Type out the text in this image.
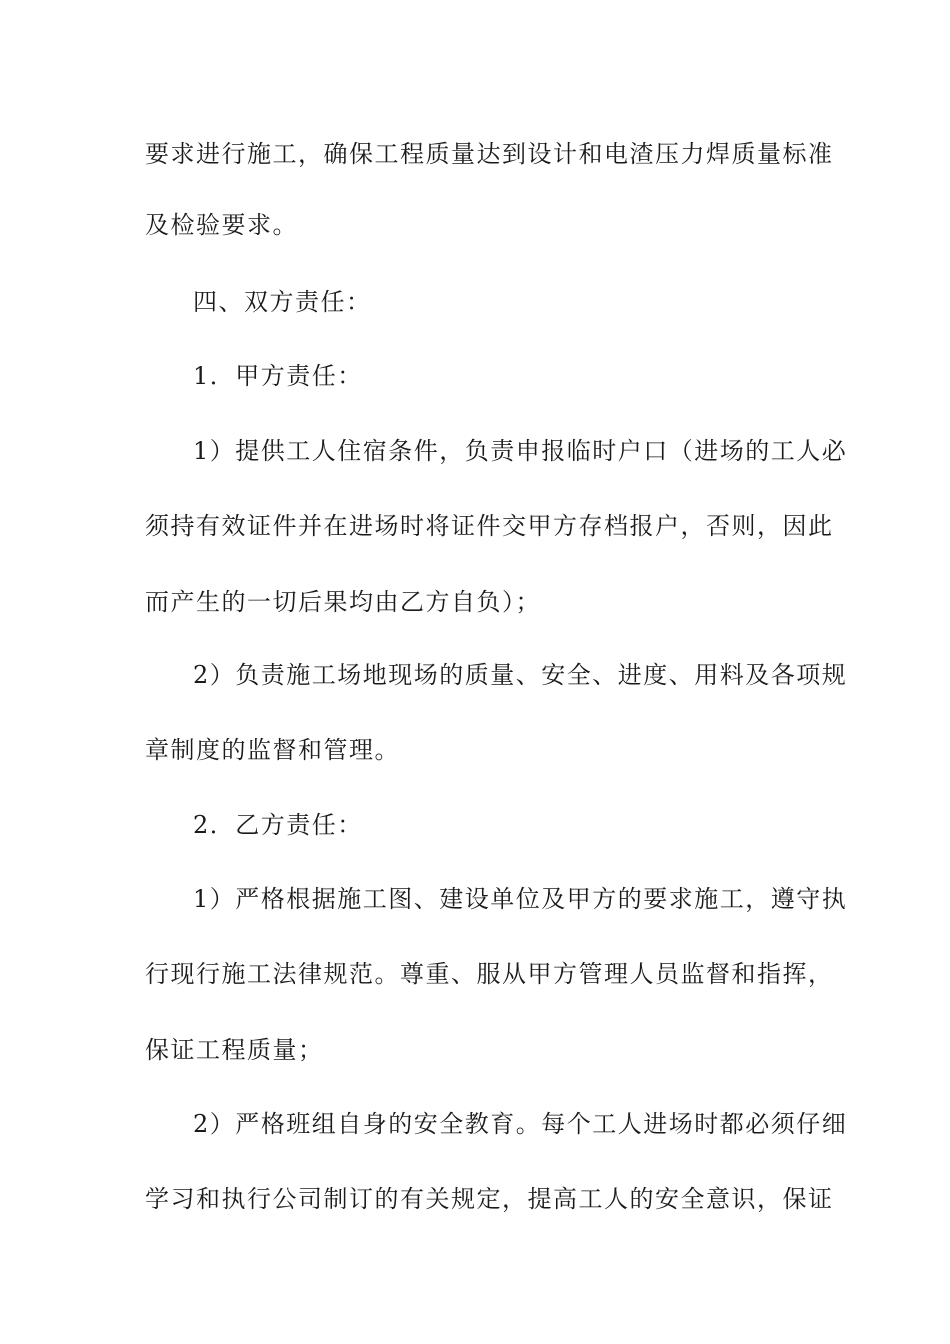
要求进行施工，确保工程质量达到设计和电渣压力焊质量标准
及检验要求。
四、双方责任：
1．甲方责任：
1）提供工人住宿条件，负责申报临时户口（进场的工人必
须持有效证件并在进场时将证件交甲方存档报户，否则，因此
而产生的一切后果均由乙方自负）；
2）负责施工场地现场的质量、安全、进度、用料及各项规
章制度的监督和管理。
2．乙方责任：
1）严格根据施工图、建设单位及甲方的要求施工，遵守执
行现行施工法律规范。尊重、服从甲方管理人员监督和指挥，
保证工程质量；
2）严格班组自身的安全教育。每个工人进场时都必须仔细
学习和执行公司制订的有关规定，提高工人的安全意识，保证
